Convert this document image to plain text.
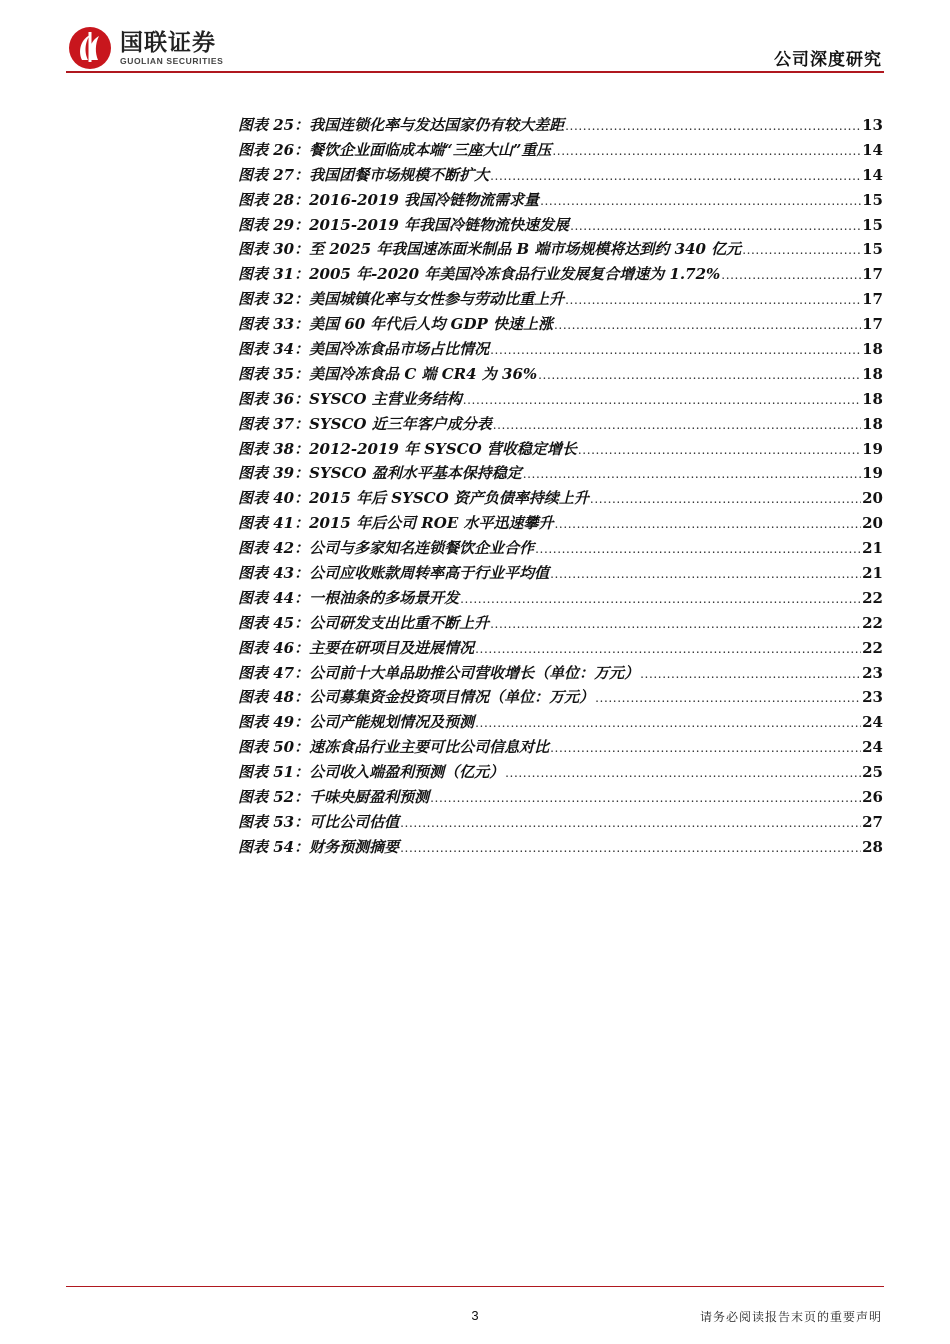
国联证券
GUOLIAN SECURITIES	公司深度研究
图表 25： 我国连锁化率与发达国家仍有较大差距 .....	13
图表 26： 餐饮企业面临成本端“三座大山”重压 .....	14
图表 27： 我国团餐市场规模不断扩大 .....	14
图表 28： 2016-2019 我国冷链物流需求量 .....	15
图表 29： 2015-2019 年我国冷链物流快速发展 .....	15
图表 30： 至 2025 年我国速冻面米制品 B 端市场规模将达到约 340 亿元 .....	15
图表 31： 2005 年-2020 年美国冷冻食品行业发展复合增速为 1.72% .....	17
图表 32： 美国城镇化率与女性参与劳动比重上升 .....	17
图表 33： 美国 60 年代后人均 GDP 快速上涨 .....	17
图表 34： 美国冷冻食品市场占比情况 .....	18
图表 35： 美国冷冻食品 C 端 CR4 为 36% .....	18
图表 36： SYSCO 主营业务结构 .....	18
图表 37： SYSCO 近三年客户成分表 .....	18
图表 38： 2012-2019 年 SYSCO 营收稳定增长 .....	19
图表 39： SYSCO 盈利水平基本保持稳定 .....	19
图表 40： 2015 年后 SYSCO 资产负债率持续上升 .....	20
图表 41： 2015 年后公司 ROE 水平迅速攀升 .....	20
图表 42： 公司与多家知名连锁餐饮企业合作 .....	21
图表 43： 公司应收账款周转率高于行业平均值 .....	21
图表 44： 一根油条的多场景开发 .....	22
图表 45： 公司研发支出比重不断上升 .....	22
图表 46： 主要在研项目及进展情况 .....	22
图表 47： 公司前十大单品助推公司营收增长（单位：万元） .....	23
图表 48： 公司募集资金投资项目情况（单位：万元） .....	23
图表 49： 公司产能规划情况及预测 .....	24
图表 50： 速冻食品行业主要可比公司信息对比 .....	24
图表 51： 公司收入端盈利预测（亿元） .....	25
图表 52： 千味央厨盈利预测 .....	26
图表 53： 可比公司估值 .....	27
图表 54： 财务预测摘要 .....	28
3	请务必阅读报告末页的重要声明
